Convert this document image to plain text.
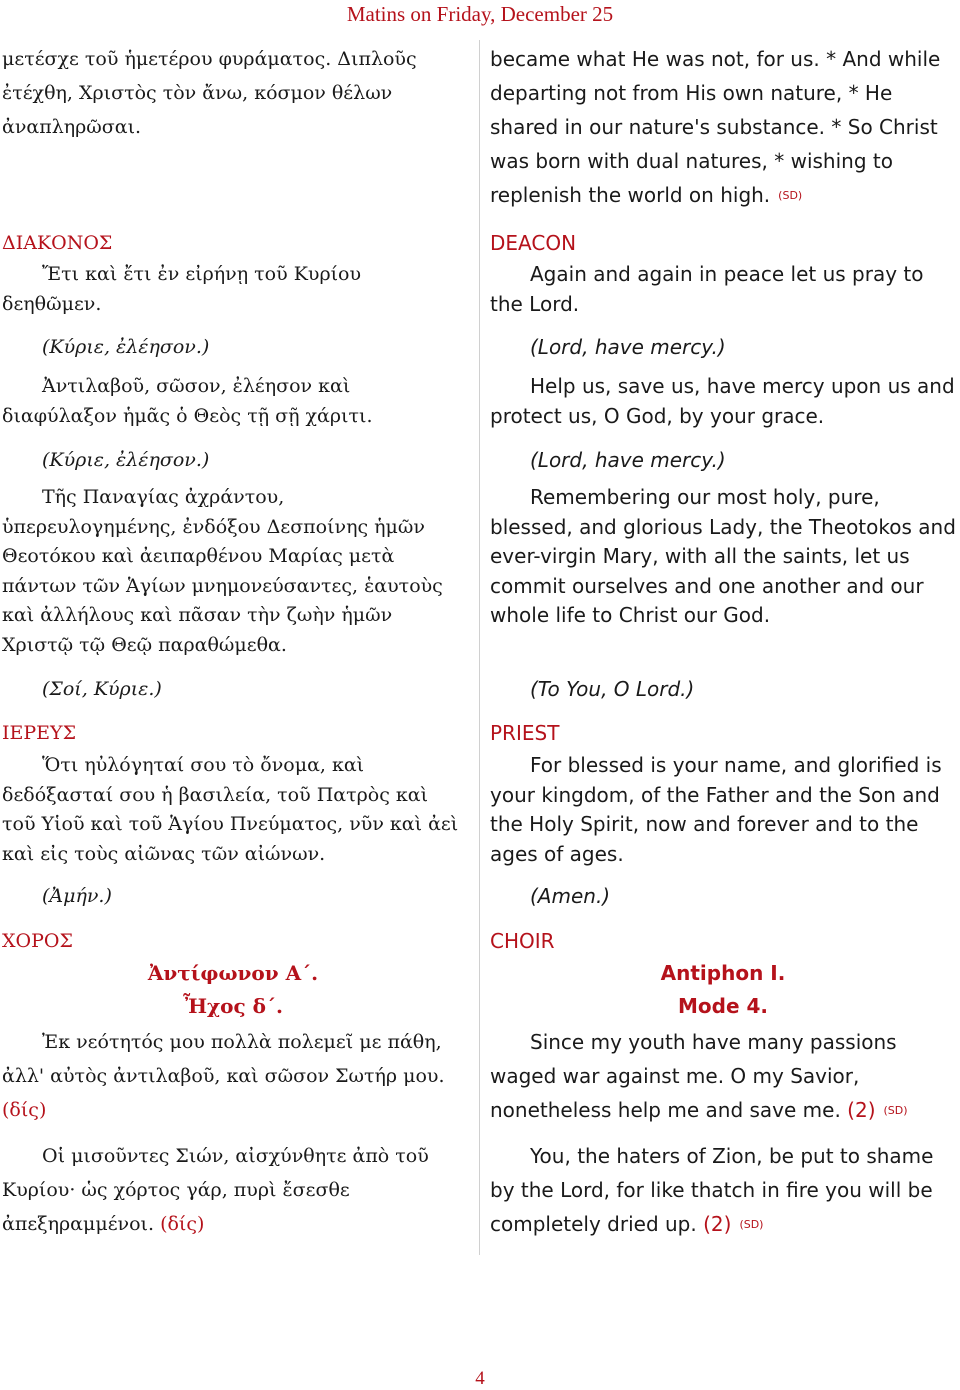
Matins on Friday, December 25

μετέσχε τοῦ ἡμετέρου φυράματος. Διπλοῦς ἐτέχθη, Χριστὸς τὸν ἄνω, κόσμον θέλων ἀναπληρῶσαι.

ΔΙΑΚΟΝΟΣ

Ἔτι καὶ ἔτι ἐν εἰρήνῃ τοῦ Κυρίου δεηθῶμεν.

(Κύριε, ἐλέησον.)

Ἀντιλαβοῦ, σῶσον, ἐλέησον καὶ διαφύλαξον ἡμᾶς ὁ Θεὸς τῇ σῇ χάριτι.

(Κύριε, ἐλέησον.)

Τῆς Παναγίας ἀχράντου, ὑπερευλογημένης, ἐνδόξου Δεσποίνης ἡμῶν Θεοτόκου καὶ ἀειπαρθένου Μαρίας μετὰ πάντων τῶν Ἁγίων μνημονεύσαντες, ἑαυτοὺς καὶ ἀλλήλους καὶ πᾶσαν τὴν ζωὴν ἡμῶν Χριστῷ τῷ Θεῷ παραθώμεθα.

(Σοί, Κύριε.)

ΙΕΡΕΥΣ

Ὅτι ηὐλόγηταί σου τὸ ὄνομα, καὶ δεδόξασταί σου ἡ βασιλεία, τοῦ Πατρὸς καὶ τοῦ Υἱοῦ καὶ τοῦ Ἁγίου Πνεύματος, νῦν καὶ ἀεὶ καὶ εἰς τοὺς αἰῶνας τῶν αἰώνων.

(Ἀμήν.)

ΧΟΡΟΣ

Ἀντίφωνον Α΄.

Ἦχος δ΄.

Ἐκ νεότητός μου πολλὰ πολεμεῖ με πάθη, ἀλλ' αὐτὸς ἀντιλαβοῦ, καὶ σῶσον Σωτήρ μου. (δίς)

Οἱ μισοῦντες Σιών, αἰσχύνθητε ἀπὸ τοῦ Κυρίου· ὡς χόρτος γάρ, πυρὶ ἔσεσθε ἀπεξηραμμένοι. (δίς)

became what He was not, for us. * And while departing not from His own nature, * He shared in our nature's substance. * So Christ was born with dual natures, * wishing to replenish the world on high. (SD)

DEACON

Again and again in peace let us pray to the Lord.

(Lord, have mercy.)

Help us, save us, have mercy upon us and protect us, O God, by your grace.

(Lord, have mercy.)

Remembering our most holy, pure, blessed, and glorious Lady, the Theotokos and ever-virgin Mary, with all the saints, let us commit ourselves and one another and our whole life to Christ our God.

(To You, O Lord.)

PRIEST

For blessed is your name, and glorified is your kingdom, of the Father and the Son and the Holy Spirit, now and forever and to the ages of ages.

(Amen.)

CHOIR

Antiphon I.

Mode 4.

Since my youth have many passions waged war against me. O my Savior, nonetheless help me and save me. (2) (SD)

You, the haters of Zion, be put to shame by the Lord, for like thatch in fire you will be completely dried up. (2) (SD)

4
